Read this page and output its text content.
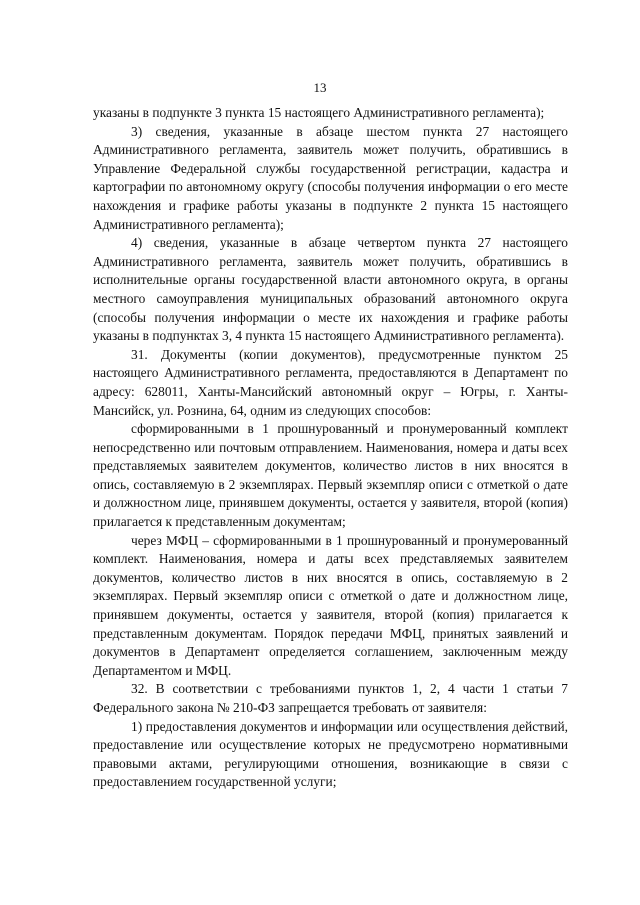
13

указаны в подпункте 3 пункта 15 настоящего Административного регламента);

3) сведения, указанные в абзаце шестом пункта 27 настоящего Административного регламента, заявитель может получить, обратившись в Управление Федеральной службы государственной регистрации, кадастра и картографии по автономному округу (способы получения информации о его месте нахождения и графике работы указаны в подпункте 2 пункта 15 настоящего Административного регламента);

4) сведения, указанные в абзаце четвертом пункта 27 настоящего Административного регламента, заявитель может получить, обратившись в исполнительные органы государственной власти автономного округа, в органы местного самоуправления муниципальных образований автономного округа (способы получения информации о месте их нахождения и графике работы указаны в подпунктах 3, 4 пункта 15 настоящего Административного регламента).

31. Документы (копии документов), предусмотренные пунктом 25 настоящего Административного регламента, предоставляются в Департамент по адресу: 628011, Ханты-Мансийский автономный округ – Югры, г. Ханты-Мансийск, ул. Рознина, 64, одним из следующих способов:

сформированными в 1 прошнурованный и пронумерованный комплект непосредственно или почтовым отправлением. Наименования, номера и даты всех представляемых заявителем документов, количество листов в них вносятся в опись, составляемую в 2 экземплярах. Первый экземпляр описи с отметкой о дате и должностном лице, принявшем документы, остается у заявителя, второй (копия) прилагается к представленным документам;

через МФЦ – сформированными в 1 прошнурованный и пронумерованный комплект. Наименования, номера и даты всех представляемых заявителем документов, количество листов в них вносятся в опись, составляемую в 2 экземплярах. Первый экземпляр описи с отметкой о дате и должностном лице, принявшем документы, остается у заявителя, второй (копия) прилагается к представленным документам. Порядок передачи МФЦ, принятых заявлений и документов в Департамент определяется соглашением, заключенным между Департаментом и МФЦ.

32. В соответствии с требованиями пунктов 1, 2, 4 части 1 статьи 7 Федерального закона № 210-ФЗ запрещается требовать от заявителя:

1) предоставления документов и информации или осуществления действий, предоставление или осуществление которых не предусмотрено нормативными правовыми актами, регулирующими отношения, возникающие в связи с предоставлением государственной услуги;
